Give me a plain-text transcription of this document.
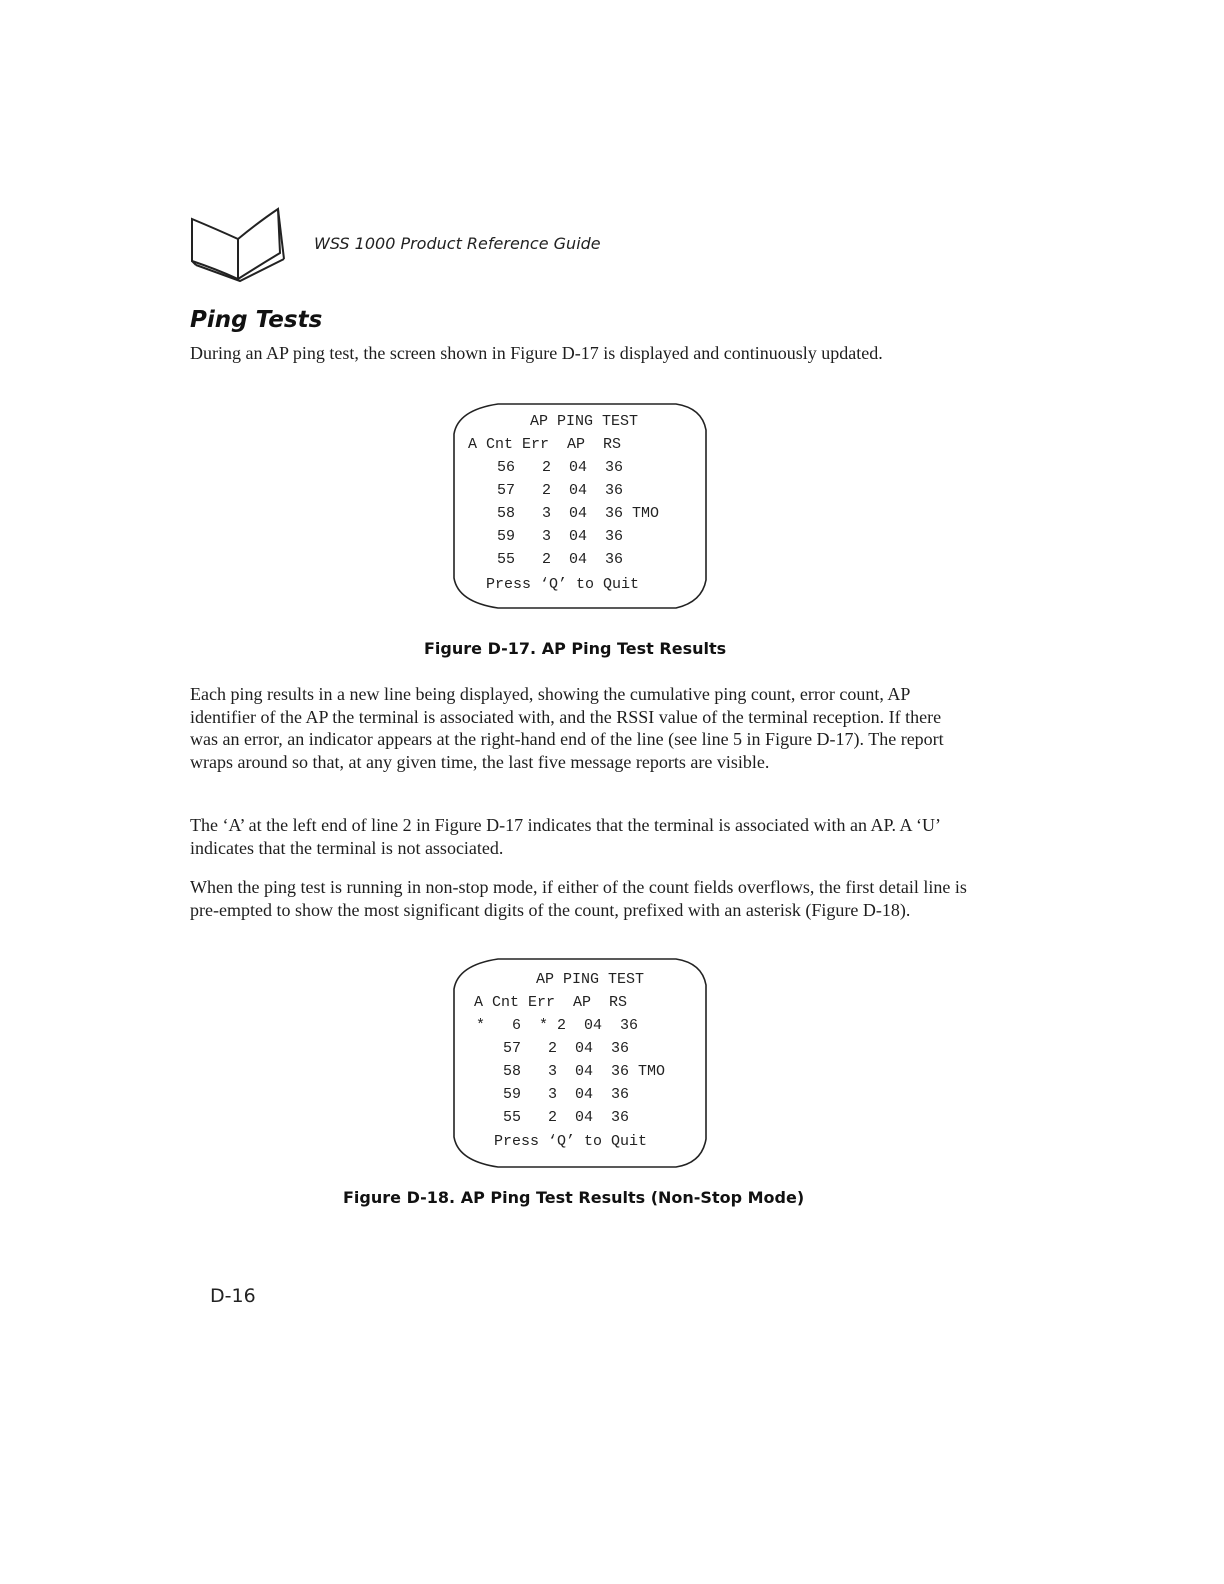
WSS 1000 Product Reference Guide
Ping Tests

During an AP ping test, the screen shown in Figure D-17 is displayed and continuously updated.

AP PING TEST
A Cnt Err  AP  RS
56   2  04  36
57   2  04  36
58   3  04  36 TMO
59   3  04  36
55   2  04  36
Press ‘Q’ to Quit
Figure D-17. AP Ping Test Results

Each ping results in a new line being displayed, showing the cumulative ping count, error count, AP identifier of the AP the terminal is associated with, and the RSSI value of the terminal reception. If there was an error, an indicator appears at the right-hand end of the line (see line 5 in Figure D-17). The report wraps around so that, at any given time, the last five message reports are visible.

The ‘A’ at the left end of line 2 in Figure D-17 indicates that the terminal is associated with an AP. A ‘U’ indicates that the terminal is not associated.

When the ping test is running in non-stop mode, if either of the count fields overflows, the first detail line is pre-empted to show the most significant digits of the count, prefixed with an asterisk (Figure D-18).

AP PING TEST
A Cnt Err  AP  RS
*   6  * 2  04  36
57   2  04  36
58   3  04  36 TMO
59   3  04  36
55   2  04  36
Press ‘Q’ to Quit
Figure D-18. AP Ping Test Results (Non-Stop Mode)
D-16
